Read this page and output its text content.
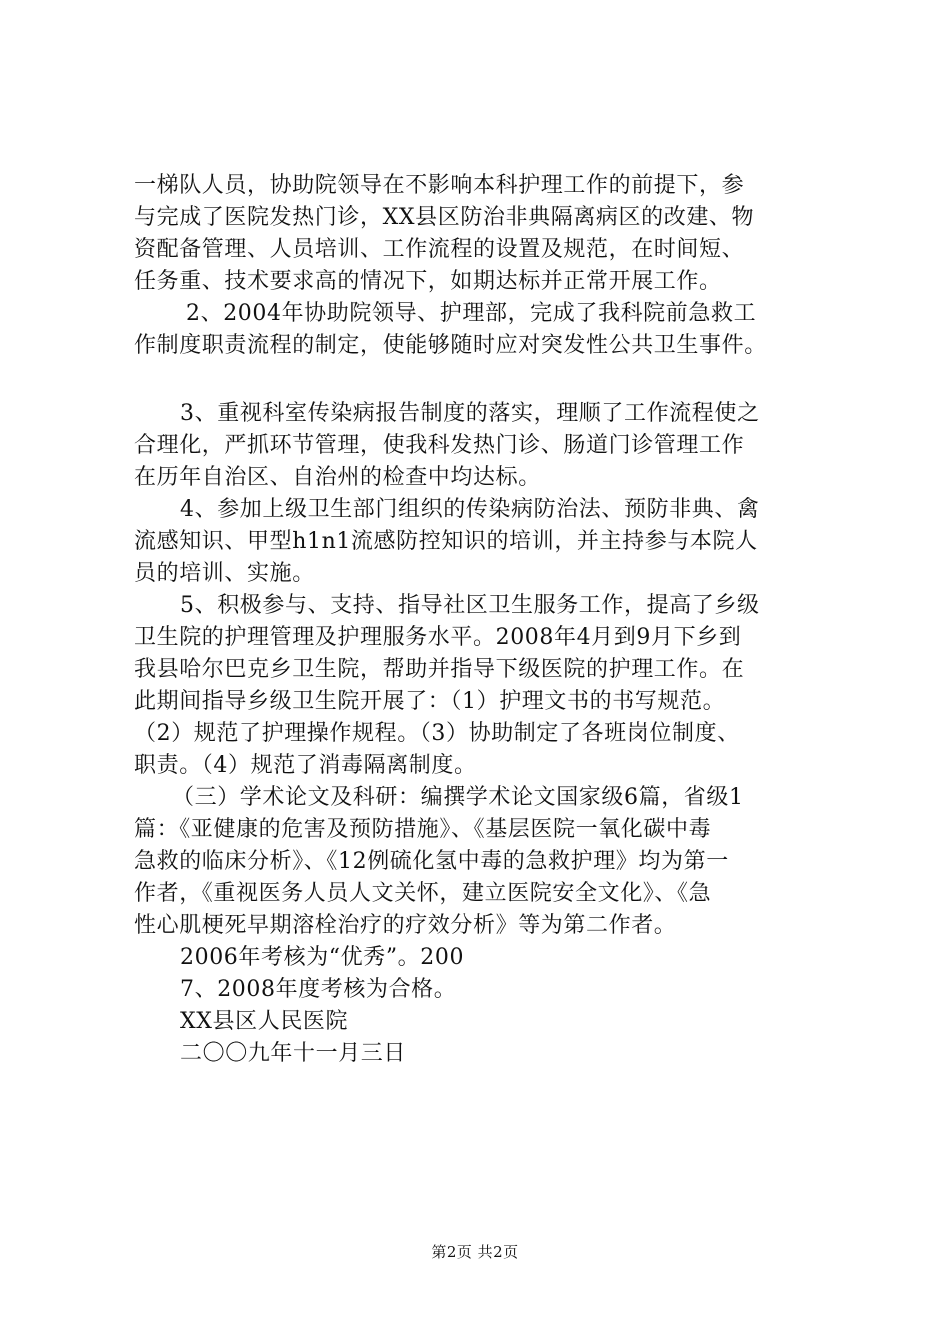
一梯队人员，协助院领导在不影响本科护理工作的前提下，参
与完成了医院发热门诊，XX县区防治非典隔离病区的改建、物
资配备管理、人员培训、工作流程的设置及规范，在时间短、
任务重、技术要求高的情况下，如期达标并正常开展工作。
2、2004年协助院领导、护理部，完成了我科院前急救工
作制度职责流程的制定，使能够随时应对突发性公共卫生事件。
3、重视科室传染病报告制度的落实，理顺了工作流程使之
合理化，严抓环节管理，使我科发热门诊、肠道门诊管理工作
在历年自治区、自治州的检查中均达标。
4、参加上级卫生部门组织的传染病防治法、预防非典、禽
流感知识、甲型h1n1流感防控知识的培训，并主持参与本院人
员的培训、实施。
5、积极参与、支持、指导社区卫生服务工作，提高了乡级
卫生院的护理管理及护理服务水平。2008年4月到9月下乡到
我县哈尔巴克乡卫生院，帮助并指导下级医院的护理工作。在
此期间指导乡级卫生院开展了：（1）护理文书的书写规范。
（2）规范了护理操作规程。（3）协助制定了各班岗位制度、
职责。（4）规范了消毒隔离制度。
（三）学术论文及科研：编撰学术论文国家级6篇，省级1
篇：《亚健康的危害及预防措施》、《基层医院一氧化碳中毒
急救的临床分析》、《12例硫化氢中毒的急救护理》均为第一
作者，《重视医务人员人文关怀，建立医院安全文化》、《急
性心肌梗死早期溶栓治疗的疗效分析》等为第二作者。
2006年考核为“优秀”。200
7、2008年度考核为合格。
XX县区人民医院
二〇〇九年十一月三日
第2页 共2页
